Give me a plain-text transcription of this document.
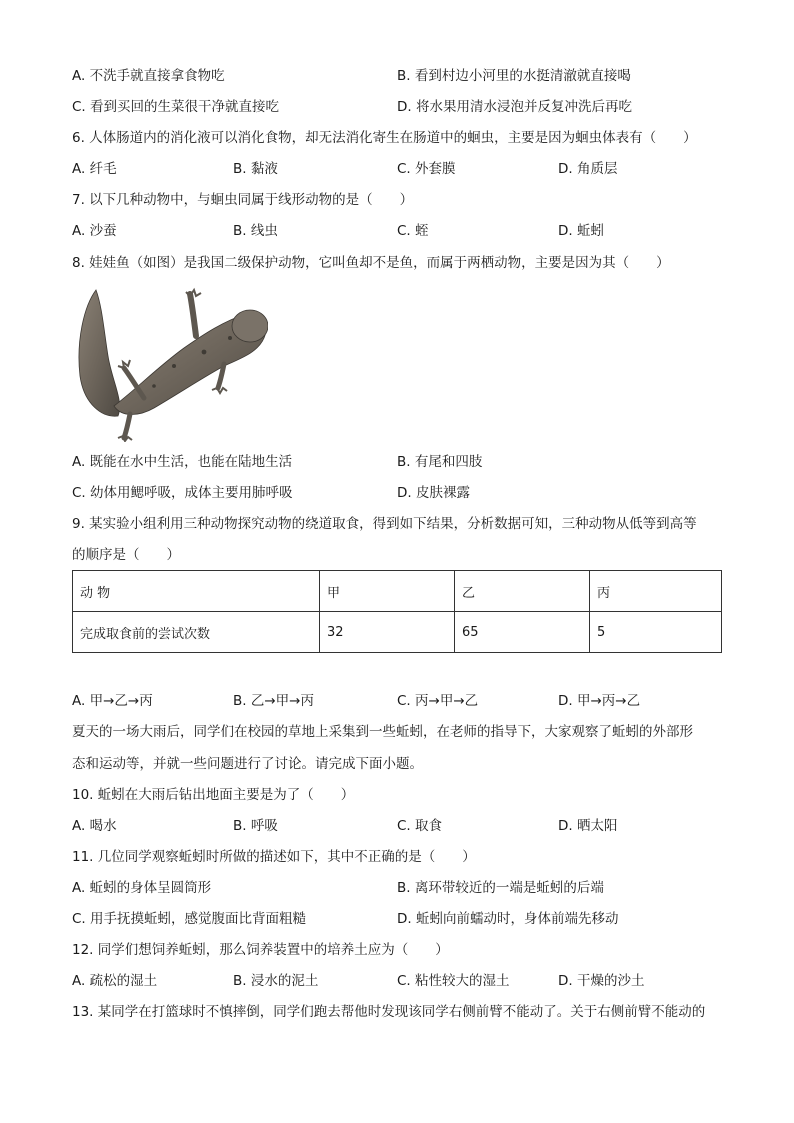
A. 不洗手就直接拿食物吃	B. 看到村边小河里的水挺清澈就直接喝
C. 看到买回的生菜很干净就直接吃	D. 将水果用清水浸泡并反复冲洗后再吃
6. 人体肠道内的消化液可以消化食物，却无法消化寄生在肠道中的蛔虫，主要是因为蛔虫体表有（　　）
A. 纤毛	B. 黏液	C. 外套膜	D. 角质层
7. 以下几种动物中，与蛔虫同属于线形动物的是（　　）
A. 沙蚕	B. 线虫	C. 蛭	D. 蚯蚓
8. 娃娃鱼（如图）是我国二级保护动物，它叫鱼却不是鱼，而属于两栖动物，主要是因为其（　　）
A. 既能在水中生活，也能在陆地生活	B. 有尾和四肢
C. 幼体用鳃呼吸，成体主要用肺呼吸	D. 皮肤裸露
9. 某实验小组利用三种动物探究动物的绕道取食，得到如下结果，分析数据可知，三种动物从低等到高等
的顺序是（　　）
动 物	甲	乙	丙
完成取食前的尝试次数	32	65	5
A. 甲→乙→丙	B. 乙→甲→丙	C. 丙→甲→乙	D. 甲→丙→乙
夏天的一场大雨后，同学们在校园的草地上采集到一些蚯蚓，在老师的指导下，大家观察了蚯蚓的外部形
态和运动等，并就一些问题进行了讨论。请完成下面小题。
10. 蚯蚓在大雨后钻出地面主要是为了（　　）
A. 喝水	B. 呼吸	C. 取食	D. 晒太阳
11. 几位同学观察蚯蚓时所做的描述如下，其中不正确的是（　　）
A. 蚯蚓的身体呈圆筒形	B. 离环带较近的一端是蚯蚓的后端
C. 用手抚摸蚯蚓，感觉腹面比背面粗糙	D. 蚯蚓向前蠕动时，身体前端先移动
12. 同学们想饲养蚯蚓，那么饲养装置中的培养土应为（　　）
A. 疏松的湿土	B. 浸水的泥土	C. 粘性较大的湿土	D. 干燥的沙土
13. 某同学在打篮球时不慎摔倒，同学们跑去帮他时发现该同学右侧前臂不能动了。关于右侧前臂不能动的
